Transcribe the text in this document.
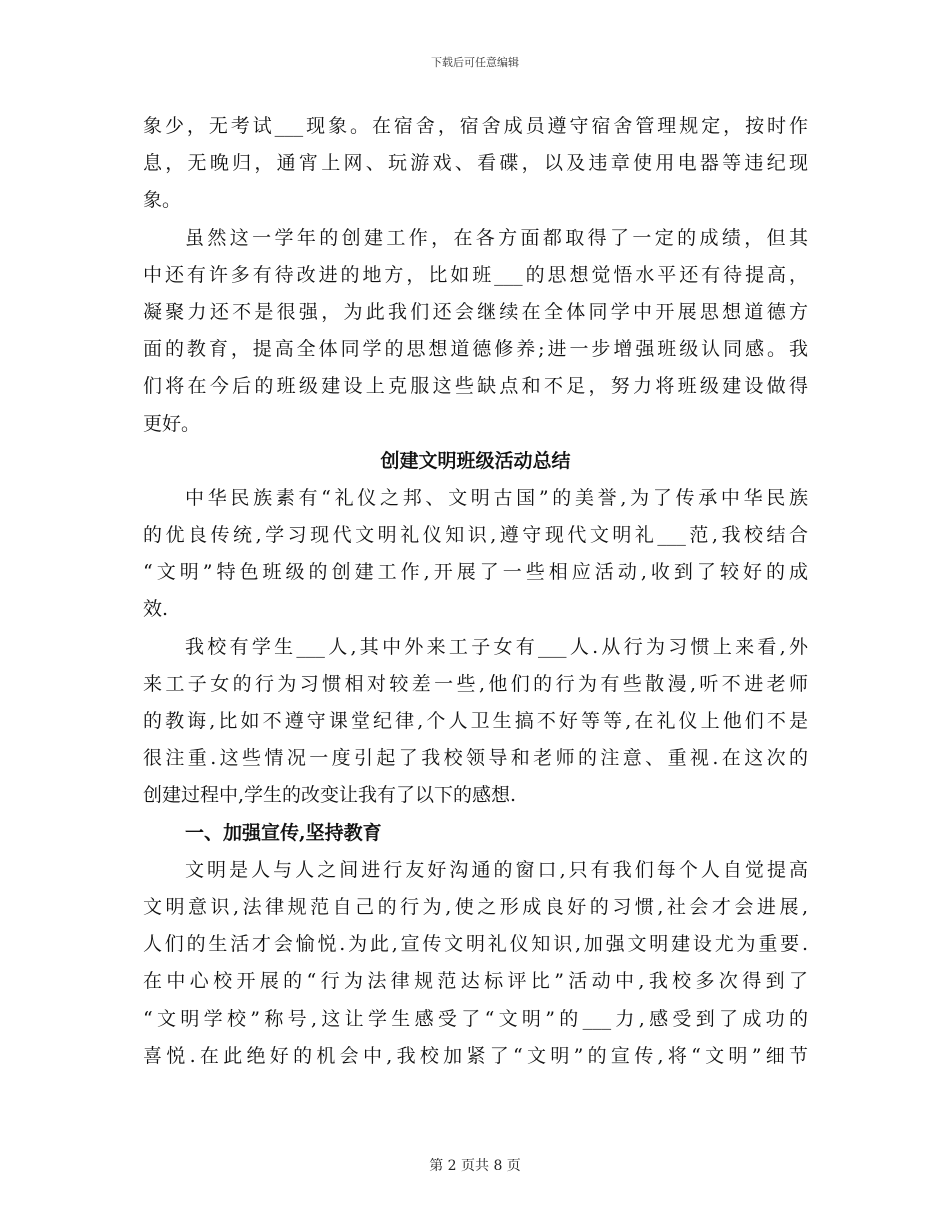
下载后可任意编辑
象少，无考试___现象。在宿舍，宿舍成员遵守宿舍管理规定，按时作
息，无晚归，通宵上网、玩游戏、看碟，以及违章使用电器等违纪现
象。
虽然这一学年的创建工作，在各方面都取得了一定的成绩，但其
中还有许多有待改进的地方，比如班___的思想觉悟水平还有待提高，
凝聚力还不是很强，为此我们还会继续在全体同学中开展思想道德方
面的教育，提高全体同学的思想道德修养;进一步增强班级认同感。我
们将在今后的班级建设上克服这些缺点和不足，努力将班级建设做得
更好。
创建文明班级活动总结
中华民族素有“礼仪之邦、文明古国”的美誉,为了传承中华民族
的优良传统,学习现代文明礼仪知识,遵守现代文明礼___范,我校结合
“文明”特色班级的创建工作,开展了一些相应活动,收到了较好的成
效.
我校有学生___人,其中外来工子女有___人.从行为习惯上来看,外
来工子女的行为习惯相对较差一些,他们的行为有些散漫,听不进老师
的教诲,比如不遵守课堂纪律,个人卫生搞不好等等,在礼仪上他们不是
很注重.这些情况一度引起了我校领导和老师的注意、重视.在这次的
创建过程中,学生的改变让我有了以下的感想.
一、加强宣传,坚持教育
文明是人与人之间进行友好沟通的窗口,只有我们每个人自觉提高
文明意识,法律规范自己的行为,使之形成良好的习惯,社会才会进展,
人们的生活才会愉悦.为此,宣传文明礼仪知识,加强文明建设尤为重要.
在中心校开展的“行为法律规范达标评比”活动中,我校多次得到了
“文明学校”称号,这让学生感受了“文明”的___力,感受到了成功的
喜悦.在此绝好的机会中,我校加紧了“文明”的宣传,将“文明”细节
第 2 页共 8 页
